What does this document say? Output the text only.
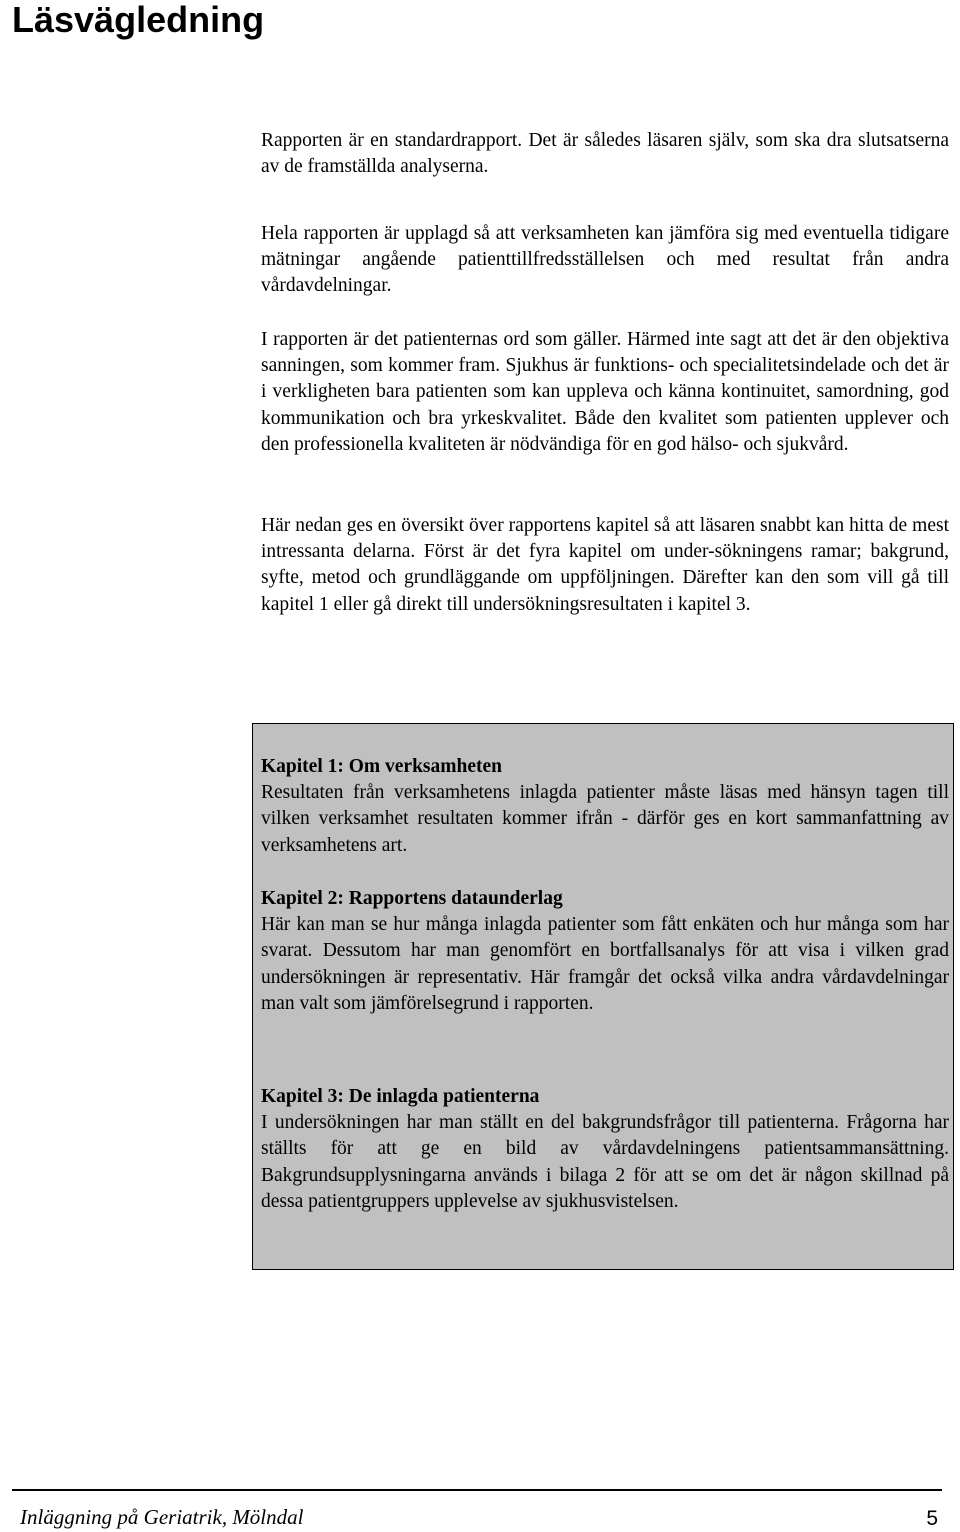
Läsvägledning

Rapporten är en standardrapport. Det är således läsaren själv, som ska dra slutsatserna av de framställda analyserna.

Hela rapporten är upplagd så att verksamheten kan jämföra sig med eventuella tidigare mätningar angående patienttillfredsställelsen och med resultat från andra vårdavdelningar.

I rapporten är det patienternas ord som gäller. Härmed inte sagt att det är den objektiva sanningen, som kommer fram. Sjukhus är funktions- och specialitetsindelade och det är i verkligheten bara patienten som kan uppleva och känna kontinuitet, samordning, god kommunikation och bra yrkeskvalitet. Både den kvalitet som patienten upplever och den professionella kvaliteten är nödvändiga för en god hälso- och sjukvård.

Här nedan ges en översikt över rapportens kapitel så att läsaren snabbt kan hitta de mest intressanta delarna. Först är det fyra kapitel om under-sökningens ramar; bakgrund, syfte, metod och grundläggande om uppföljningen. Därefter kan den som vill gå till kapitel 1 eller gå direkt till undersökningsresultaten i kapitel 3.

Kapitel 1: Om verksamheten
Resultaten från verksamhetens inlagda patienter måste läsas med hänsyn tagen till vilken verksamhet resultaten kommer ifrån - därför ges en kort sammanfattning av verksamhetens art.
Kapitel 2: Rapportens dataunderlag
Här kan man se hur många inlagda patienter som fått enkäten och hur många som har svarat. Dessutom har man genomfört en bortfallsanalys för att visa i vilken grad undersökningen är representativ. Här framgår det också vilka andra vårdavdelningar man valt som jämförelsegrund i rapporten.
Kapitel 3: De inlagda patienterna
I undersökningen har man ställt en del bakgrundsfrågor till patienterna. Frågorna har ställts för att ge en bild av vårdavdelningens patientsammansättning. Bakgrundsupplysningarna används i bilaga 2 för att se om det är någon skillnad på dessa patientgruppers upplevelse av sjukhusvistelsen.
Inläggning på Geriatrik, Mölndal	5
